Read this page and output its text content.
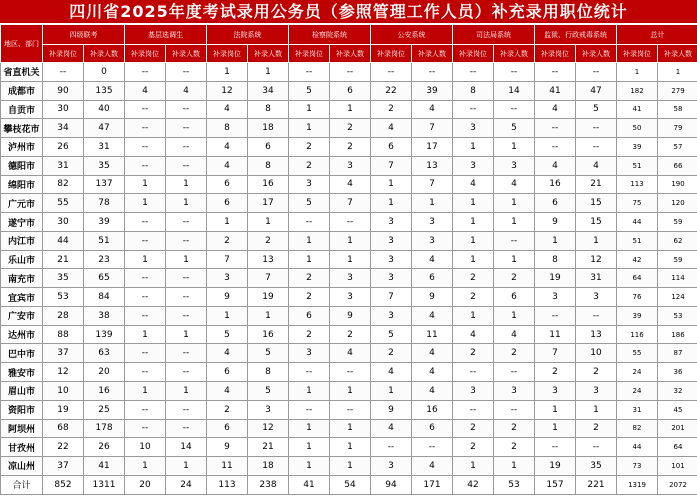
四川省2025年度考试录用公务员（参照管理工作人员）补充录用职位统计
地区、部门	四级联考		基层选调生		法院系统		检察院系统		公安系统		司法局系统		监狱、行政戒毒系统		总计	
	补录岗位	补录人数	补录岗位	补录人数	补录岗位	补录人数	补录岗位	补录人数	补录岗位	补录人数	补录岗位	补录人数	补录岗位	补录人数	补录岗位	补录人数
省直机关	--	0	--	--	1	1	--	--	--	--	--	--	--	--	1	1
成都市	90	135	4	4	12	34	5	6	22	39	8	14	41	47	182	279
自贡市	30	40	--	--	4	8	1	1	2	4	--	--	4	5	41	58
攀枝花市	34	47	--	--	8	18	1	2	4	7	3	5	--	--	50	79
泸州市	26	31	--	--	4	6	2	2	6	17	1	1	--	--	39	57
德阳市	31	35	--	--	4	8	2	3	7	13	3	3	4	4	51	66
绵阳市	82	137	1	1	6	16	3	4	1	7	4	4	16	21	113	190
广元市	55	78	1	1	6	17	5	7	1	1	1	1	6	15	75	120
遂宁市	30	39	--	--	1	1	--	--	3	3	1	1	9	15	44	59
内江市	44	51	--	--	2	2	1	1	3	3	1	--	1	1	51	62
乐山市	21	23	1	1	7	13	1	1	3	4	1	1	8	12	42	59
南充市	35	65	--	--	3	7	2	3	3	6	2	2	19	31	64	114
宜宾市	53	84	--	--	9	19	2	3	7	9	2	6	3	3	76	124
广安市	28	38	--	--	1	1	6	9	3	4	1	1	--	--	39	53
达州市	88	139	1	1	5	16	2	2	5	11	4	4	11	13	116	186
巴中市	37	63	--	--	4	5	3	4	2	4	2	2	7	10	55	87
雅安市	12	20	--	--	6	8	--	--	4	4	--	--	2	2	24	36
眉山市	10	16	1	1	4	5	1	1	1	4	3	3	3	3	24	32
资阳市	19	25	--	--	2	3	--	--	9	16	--	--	1	1	31	45
阿坝州	68	178	--	--	6	12	1	1	4	6	2	2	1	2	82	201
甘孜州	22	26	10	14	9	21	1	1	--	--	2	2	--	--	44	64
凉山州	37	41	1	1	11	18	1	1	3	4	1	1	19	35	73	101
合计	852	1311	20	24	113	238	41	54	94	171	42	53	157	221	1319	2072
